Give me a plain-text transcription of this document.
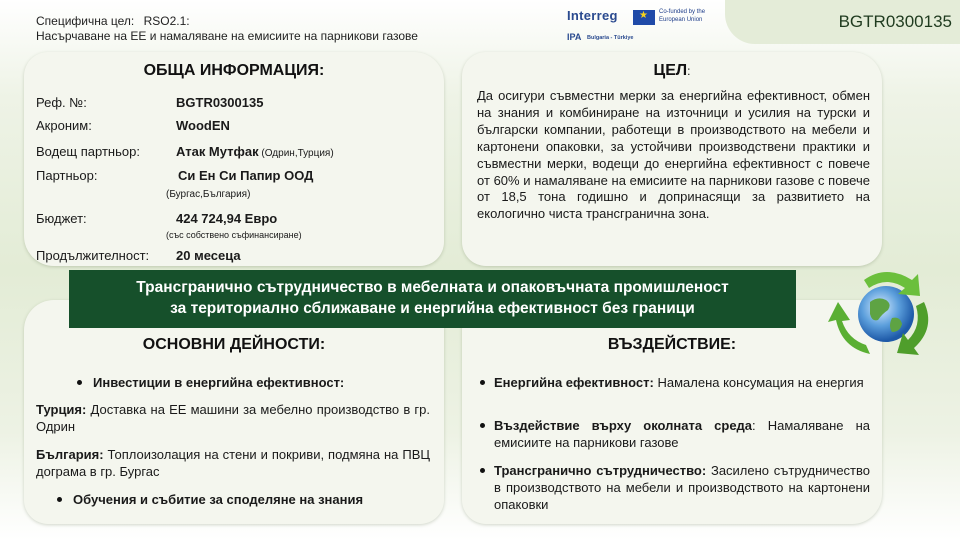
Специфична цел: RSO2.1:
Насърчаване на ЕЕ и намаляване на емисиите на парникови газове
Interreg
★	Co-funded by the European Union
IPA Bulgaria - Türkiye
BGTR0300135
ОБЩА ИНФОРМАЦИЯ:
Реф. №:	BGTR0300135
Акроним:	WoodEN
Водещ партньор:	Атак Мутфак (Одрин,Турция)
Партньор:	Си Ен Си Папир ООД
(Бургас,България)
Бюджет:	424 724,94 Евро
(със собствено съфинансиране)
Продължителност: 20 месеца
ЦЕЛ:
Да осигури съвместни мерки за енергийна ефективност, обмен на знания и комбиниране на източници и усилия на турски и български компании, работещи в производството на мебели и картонени опаковки, за устойчиви производствени практики и съвместни мерки, водещи до енергийна ефективност с повече от 60% и намаляване на емисиите на парникови газове с повече от 18,5 тона годишно и допринасящи за развитието на екологично чиста трансгранична зона.
ОСНОВНИ ДЕЙНОСТИ:
Инвестиции в енергийна ефективност:
Турция: Доставка на ЕЕ машини за мебелно производство в гр. Одрин
България: Топлоизолация на стени и покриви, подмяна на ПВЦ дограма в гр. Бургас
Обучения и събитие за споделяне на знания
ВЪЗДЕЙСТВИЕ:
Енергийна ефективност: Намалена консумация на енергия
Въздействие върху околната среда: Намаляване на емисиите на парникови газове
Трансгранично сътрудничество: Засилено сътрудничество в производството на мебели и производството на картонени опаковки
Трансгранично сътрудничество в мебелната и опаковъчната промишленост
за териториално сближаване и енергийна ефективност без граници
